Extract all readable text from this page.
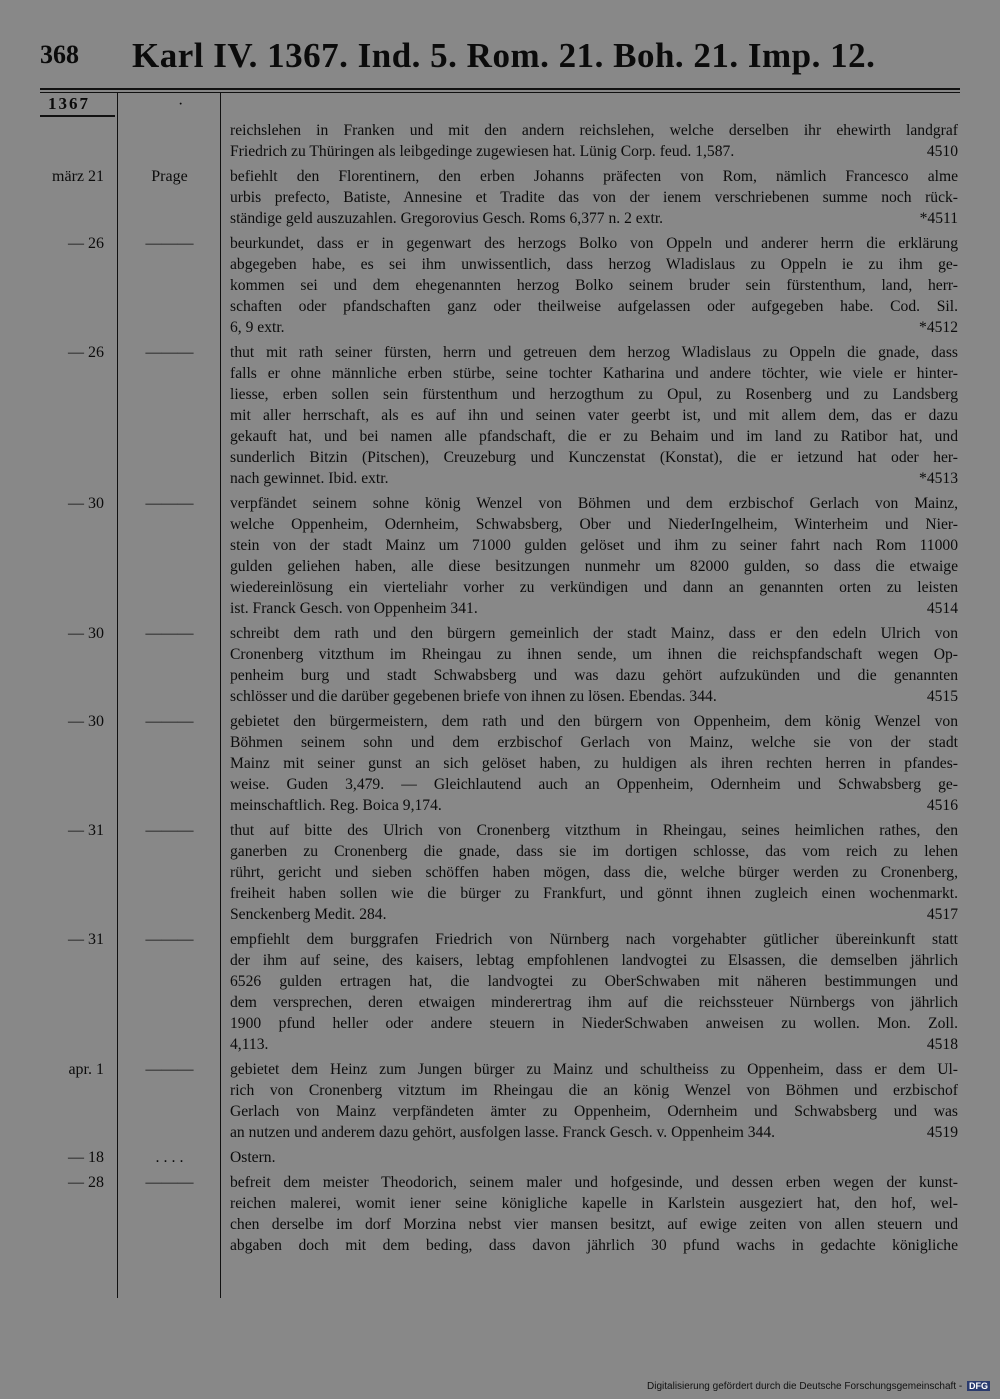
368 Karl IV. 1367. Ind. 5. Rom. 21. Boh. 21. Imp. 12.
1367	·
reichslehen in Franken und mit den andern reichslehen, welche derselben ihr ehewirth landgraf
Friedrich zu Thüringen als leibgedinge zugewiesen hat. Lünig Corp. feud. 1,587.	4510
märz 21	Prage	befiehlt den Florentinern, den erben Johanns präfecten von Rom, nämlich Francesco alme
urbis prefecto, Batiste, Annesine et Tradite das von der ienem verschriebenen summe noch rück-
ständige geld auszuzahlen. Gregorovius Gesch. Roms 6,377 n. 2 extr.	*4511
— 26	———	beurkundet, dass er in gegenwart des herzogs Bolko von Oppeln und anderer herrn die erklärung
abgegeben habe, es sei ihm unwissentlich, dass herzog Wladislaus zu Oppeln ie zu ihm ge-
kommen sei und dem ehegenannten herzog Bolko seinem bruder sein fürstenthum, land, herr-
schaften oder pfandschaften ganz oder theilweise aufgelassen oder aufgegeben habe. Cod. Sil.
6, 9 extr.	*4512
— 26	———	thut mit rath seiner fürsten, herrn und getreuen dem herzog Wladislaus zu Oppeln die gnade, dass
falls er ohne männliche erben stürbe, seine tochter Katharina und andere töchter, wie viele er hinter-
liesse, erben sollen sein fürstenthum und herzogthum zu Opul, zu Rosenberg und zu Landsberg
mit aller herrschaft, als es auf ihn und seinen vater geerbt ist, und mit allem dem, das er dazu
gekauft hat, und bei namen alle pfandschaft, die er zu Behaim und im land zu Ratibor hat, und
sunderlich Bitzin (Pitschen), Creuzeburg und Kunczenstat (Konstat), die er ietzund hat oder her-
nach gewinnet. Ibid. extr.	*4513
— 30	———	verpfändet seinem sohne könig Wenzel von Böhmen und dem erzbischof Gerlach von Mainz,
welche Oppenheim, Odernheim, Schwabsberg, Ober und NiederIngelheim, Winterheim und Nier-
stein von der stadt Mainz um 71000 gulden gelöset und ihm zu seiner fahrt nach Rom 11000
gulden geliehen haben, alle diese besitzungen nunmehr um 82000 gulden, so dass die etwaige
wiedereinlösung ein vierteliahr vorher zu verkündigen und dann an genannten orten zu leisten
ist. Franck Gesch. von Oppenheim 341.	4514
— 30	———	schreibt dem rath und den bürgern gemeinlich der stadt Mainz, dass er den edeln Ulrich von
Cronenberg vitzthum im Rheingau zu ihnen sende, um ihnen die reichspfandschaft wegen Op-
penheim burg und stadt Schwabsberg und was dazu gehört aufzukünden und die genannten
schlösser und die darüber gegebenen briefe von ihnen zu lösen. Ebendas. 344.	4515
— 30	———	gebietet den bürgermeistern, dem rath und den bürgern von Oppenheim, dem könig Wenzel von
Böhmen seinem sohn und dem erzbischof Gerlach von Mainz, welche sie von der stadt
Mainz mit seiner gunst an sich gelöset haben, zu huldigen als ihren rechten herren in pfandes-
weise. Guden 3,479. — Gleichlautend auch an Oppenheim, Odernheim und Schwabsberg ge-
meinschaftlich. Reg. Boica 9,174.	4516
— 31	———	thut auf bitte des Ulrich von Cronenberg vitzthum in Rheingau, seines heimlichen rathes, den
ganerben zu Cronenberg die gnade, dass sie im dortigen schlosse, das vom reich zu lehen
rührt, gericht und sieben schöffen haben mögen, dass die, welche bürger werden zu Cronenberg,
freiheit haben sollen wie die bürger zu Frankfurt, und gönnt ihnen zugleich einen wochenmarkt.
Senckenberg Medit. 284.	4517
— 31	———	empfiehlt dem burggrafen Friedrich von Nürnberg nach vorgehabter gütlicher übereinkunft statt
der ihm auf seine, des kaisers, lebtag empfohlenen landvogtei zu Elsassen, die demselben jährlich
6526 gulden ertragen hat, die landvogtei zu OberSchwaben mit näheren bestimmungen und
dem versprechen, deren etwaigen minderertrag ihm auf die reichssteuer Nürnbergs von jährlich
1900 pfund heller oder andere steuern in NiederSchwaben anweisen zu wollen. Mon. Zoll.
4,113.	4518
apr. 1	———	gebietet dem Heinz zum Jungen bürger zu Mainz und schultheiss zu Oppenheim, dass er dem Ul-
rich von Cronenberg vitztum im Rheingau die an könig Wenzel von Böhmen und erzbischof
Gerlach von Mainz verpfändeten ämter zu Oppenheim, Odernheim und Schwabsberg und was
an nutzen und anderem dazu gehört, ausfolgen lasse. Franck Gesch. v. Oppenheim 344.	4519
— 18	. . . .	Ostern.
— 28	———	befreit dem meister Theodorich, seinem maler und hofgesinde, und dessen erben wegen der kunst-
reichen malerei, womit iener seine königliche kapelle in Karlstein ausgeziert hat, den hof, wel-
chen derselbe im dorf Morzina nebst vier mansen besitzt, auf ewige zeiten von allen steuern und
abgaben doch mit dem beding, dass davon jährlich 30 pfund wachs in gedachte königliche
Digitalisierung gefördert durch die Deutsche Forschungsgemeinschaft - DFG
